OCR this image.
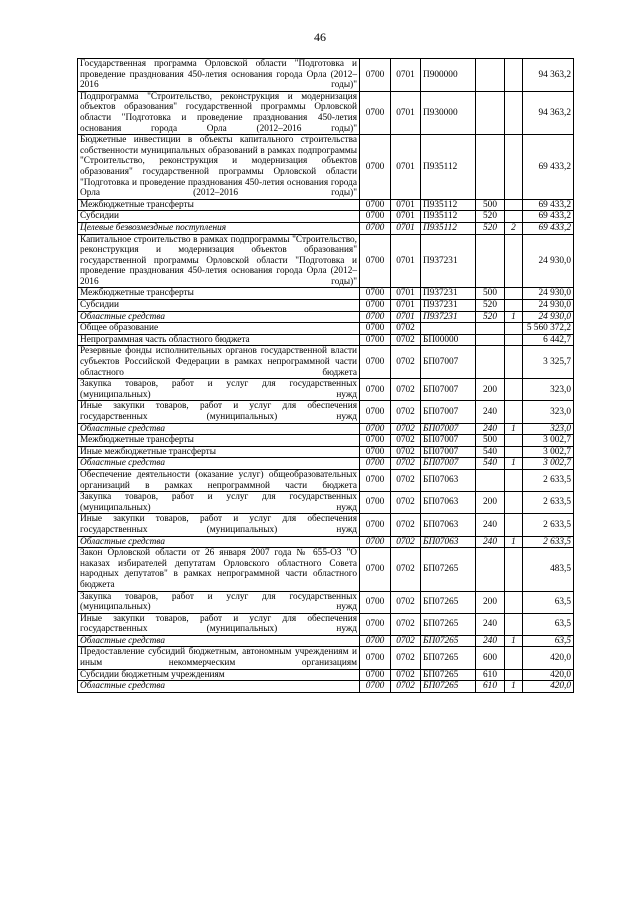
46
Государственная программа Орловской области "Подготовка и проведение празднования 450-летия основания города Орла (2012–2016 годы)"	0700	0701	П900000			94 363,2
Подпрограмма "Строительство, реконструкция и модернизация объектов образования" государственной программы Орловской области "Подготовка и проведение празднования 450-летия основания города Орла (2012–2016 годы)"	0700	0701	П930000			94 363,2
Бюджетные инвестиции в объекты капитального строительства собственности муниципальных образований в рамках подпрограммы "Строительство, реконструкция и модернизация объектов образования" государственной программы Орловской области "Подготовка и проведение празднования 450-летия основания города Орла (2012–2016 годы)"	0700	0701	П935112			69 433,2
Межбюджетные трансферты	0700	0701	П935112	500		69 433,2
Субсидии	0700	0701	П935112	520		69 433,2
Целевые безвозмездные поступления	0700	0701	П935112	520	2	69 433,2
Капитальное строительство в рамках подпрограммы "Строительство, реконструкция и модернизация объектов образования" государственной программы Орловской области "Подготовка и проведение празднования 450-летия основания города Орла (2012–2016 годы)"	0700	0701	П937231			24 930,0
Межбюджетные трансферты	0700	0701	П937231	500		24 930,0
Субсидии	0700	0701	П937231	520		24 930,0
Областные средства	0700	0701	П937231	520	1	24 930,0
Общее образование	0700	0702				5 560 372,2
Непрограммная часть областного бюджета	0700	0702	БП00000			6 442,7
Резервные фонды исполнительных органов государственной власти субъектов Российской Федерации в рамках непрограммной части областного бюджета	0700	0702	БП07007			3 325,7
Закупка товаров, работ и услуг для государственных (муниципальных) нужд	0700	0702	БП07007	200		323,0
Иные закупки товаров, работ и услуг для обеспечения государственных (муниципальных) нужд	0700	0702	БП07007	240		323,0
Областные средства	0700	0702	БП07007	240	1	323,0
Межбюджетные трансферты	0700	0702	БП07007	500		3 002,7
Иные межбюджетные трансферты	0700	0702	БП07007	540		3 002,7
Областные средства	0700	0702	БП07007	540	1	3 002,7
Обеспечение деятельности (оказание услуг) общеобразовательных организаций в рамках непрограммной части бюджета	0700	0702	БП07063			2 633,5
Закупка товаров, работ и услуг для государственных (муниципальных) нужд	0700	0702	БП07063	200		2 633,5
Иные закупки товаров, работ и услуг для обеспечения государственных (муниципальных) нужд	0700	0702	БП07063	240		2 633,5
Областные средства	0700	0702	БП07063	240	1	2 633,5
Закон Орловской области от 26 января 2007 года № 655-ОЗ "О наказах избирателей депутатам Орловского областного Совета народных депутатов" в рамках непрограммной части областного бюджета	0700	0702	БП07265			483,5
Закупка товаров, работ и услуг для государственных (муниципальных) нужд	0700	0702	БП07265	200		63,5
Иные закупки товаров, работ и услуг для обеспечения государственных (муниципальных) нужд	0700	0702	БП07265	240		63,5
Областные средства	0700	0702	БП07265	240	1	63,5
Предоставление субсидий бюджетным, автономным учреждениям и иным некоммерческим организациям	0700	0702	БП07265	600		420,0
Субсидии бюджетным учреждениям	0700	0702	БП07265	610		420,0
Областные средства	0700	0702	БП07265	610	1	420,0
